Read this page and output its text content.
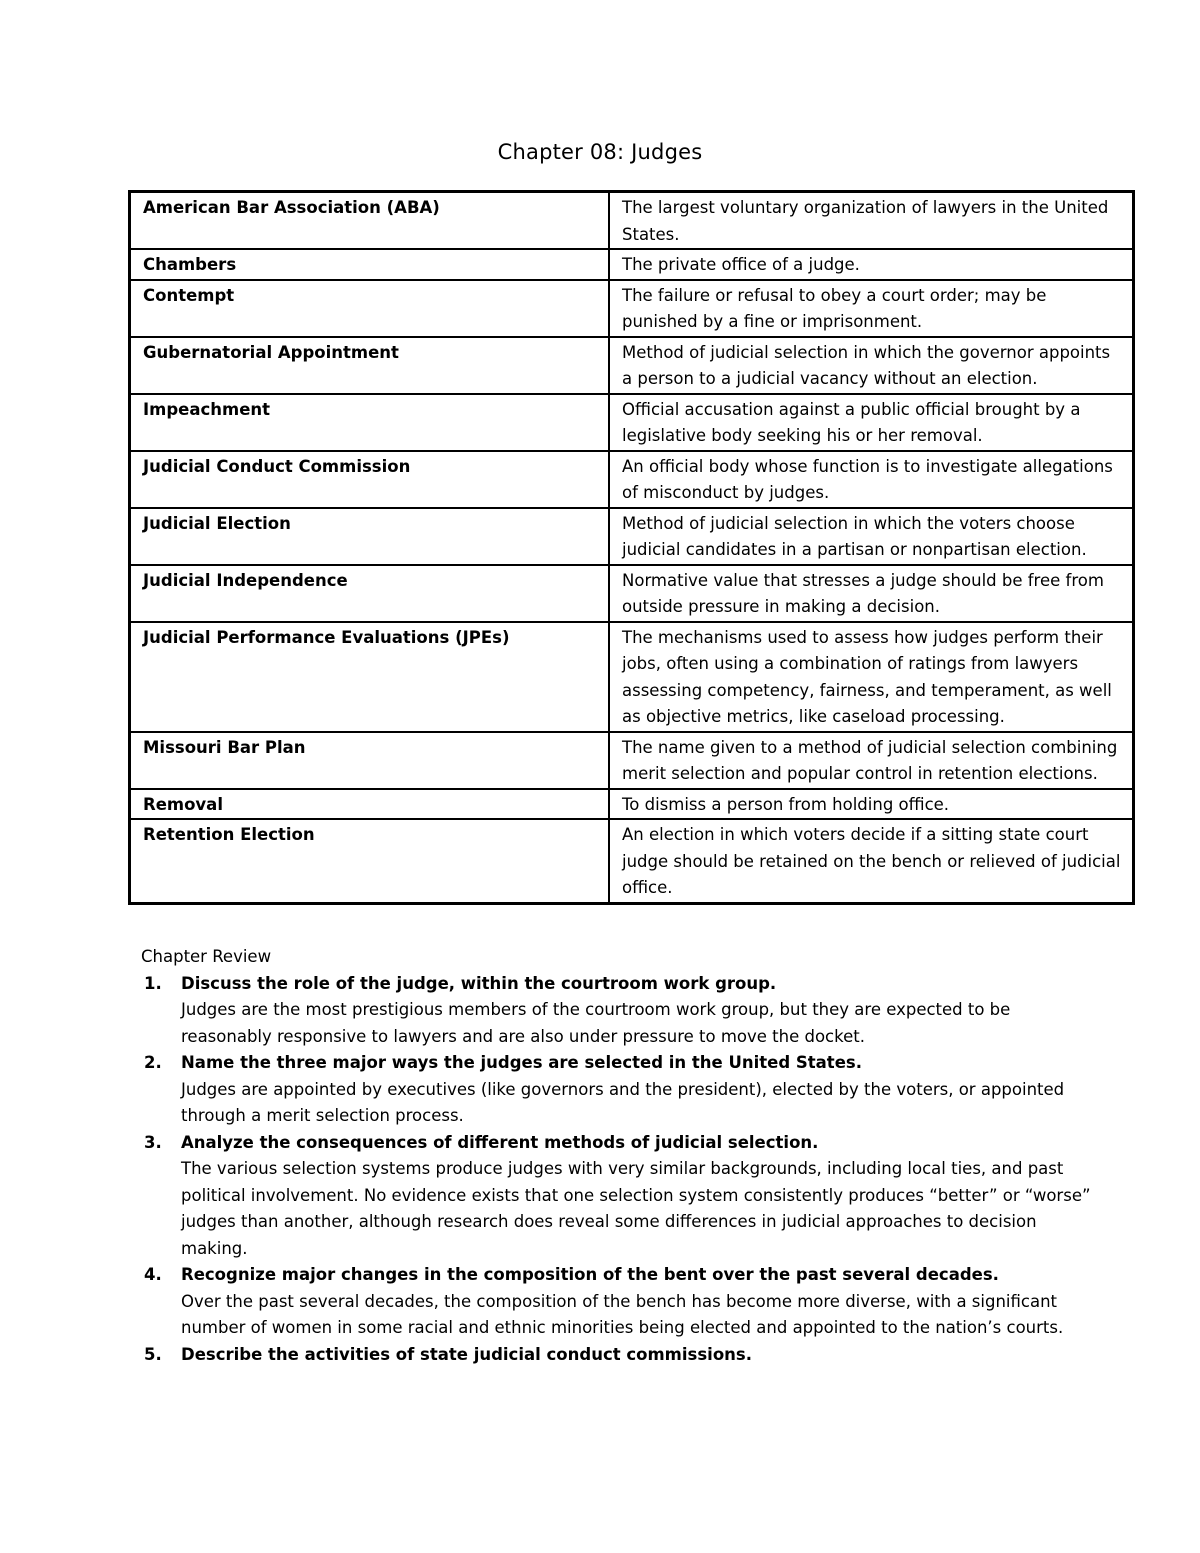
Chapter 08: Judges
American Bar Association (ABA)	The largest voluntary organization of lawyers in the United States.
Chambers	The private office of a judge.
Contempt	The failure or refusal to obey a court order; may be punished by a fine or imprisonment.
Gubernatorial Appointment	Method of judicial selection in which the governor appoints a person to a judicial vacancy without an election.
Impeachment	Official accusation against a public official brought by a legislative body seeking his or her removal.
Judicial Conduct Commission	An official body whose function is to investigate allegations of misconduct by judges.
Judicial Election	Method of judicial selection in which the voters choose judicial candidates in a partisan or nonpartisan election.
Judicial Independence	Normative value that stresses a judge should be free from outside pressure in making a decision.
Judicial Performance Evaluations (JPEs)	The mechanisms used to assess how judges perform their jobs, often using a combination of ratings from lawyers assessing competency, fairness, and temperament, as well as objective metrics, like caseload processing.
Missouri Bar Plan	The name given to a method of judicial selection combining merit selection and popular control in retention elections.
Removal	To dismiss a person from holding office.
Retention Election	An election in which voters decide if a sitting state court judge should be retained on the bench or relieved of judicial office.

Chapter Review

1. Discuss the role of the judge, within the courtroom work group.
Judges are the most prestigious members of the courtroom work group, but they are expected to be reasonably responsive to lawyers and are also under pressure to move the docket.
2. Name the three major ways the judges are selected in the United States.
Judges are appointed by executives (like governors and the president), elected by the voters, or appointed through a merit selection process.
3. Analyze the consequences of different methods of judicial selection.
The various selection systems produce judges with very similar backgrounds, including local ties, and past political involvement. No evidence exists that one selection system consistently produces “better” or “worse” judges than another, although research does reveal some differences in judicial approaches to decision making.
4. Recognize major changes in the composition of the bent over the past several decades.
Over the past several decades, the composition of the bench has become more diverse, with a significant number of women in some racial and ethnic minorities being elected and appointed to the nation’s courts.
5. Describe the activities of state judicial conduct commissions.
